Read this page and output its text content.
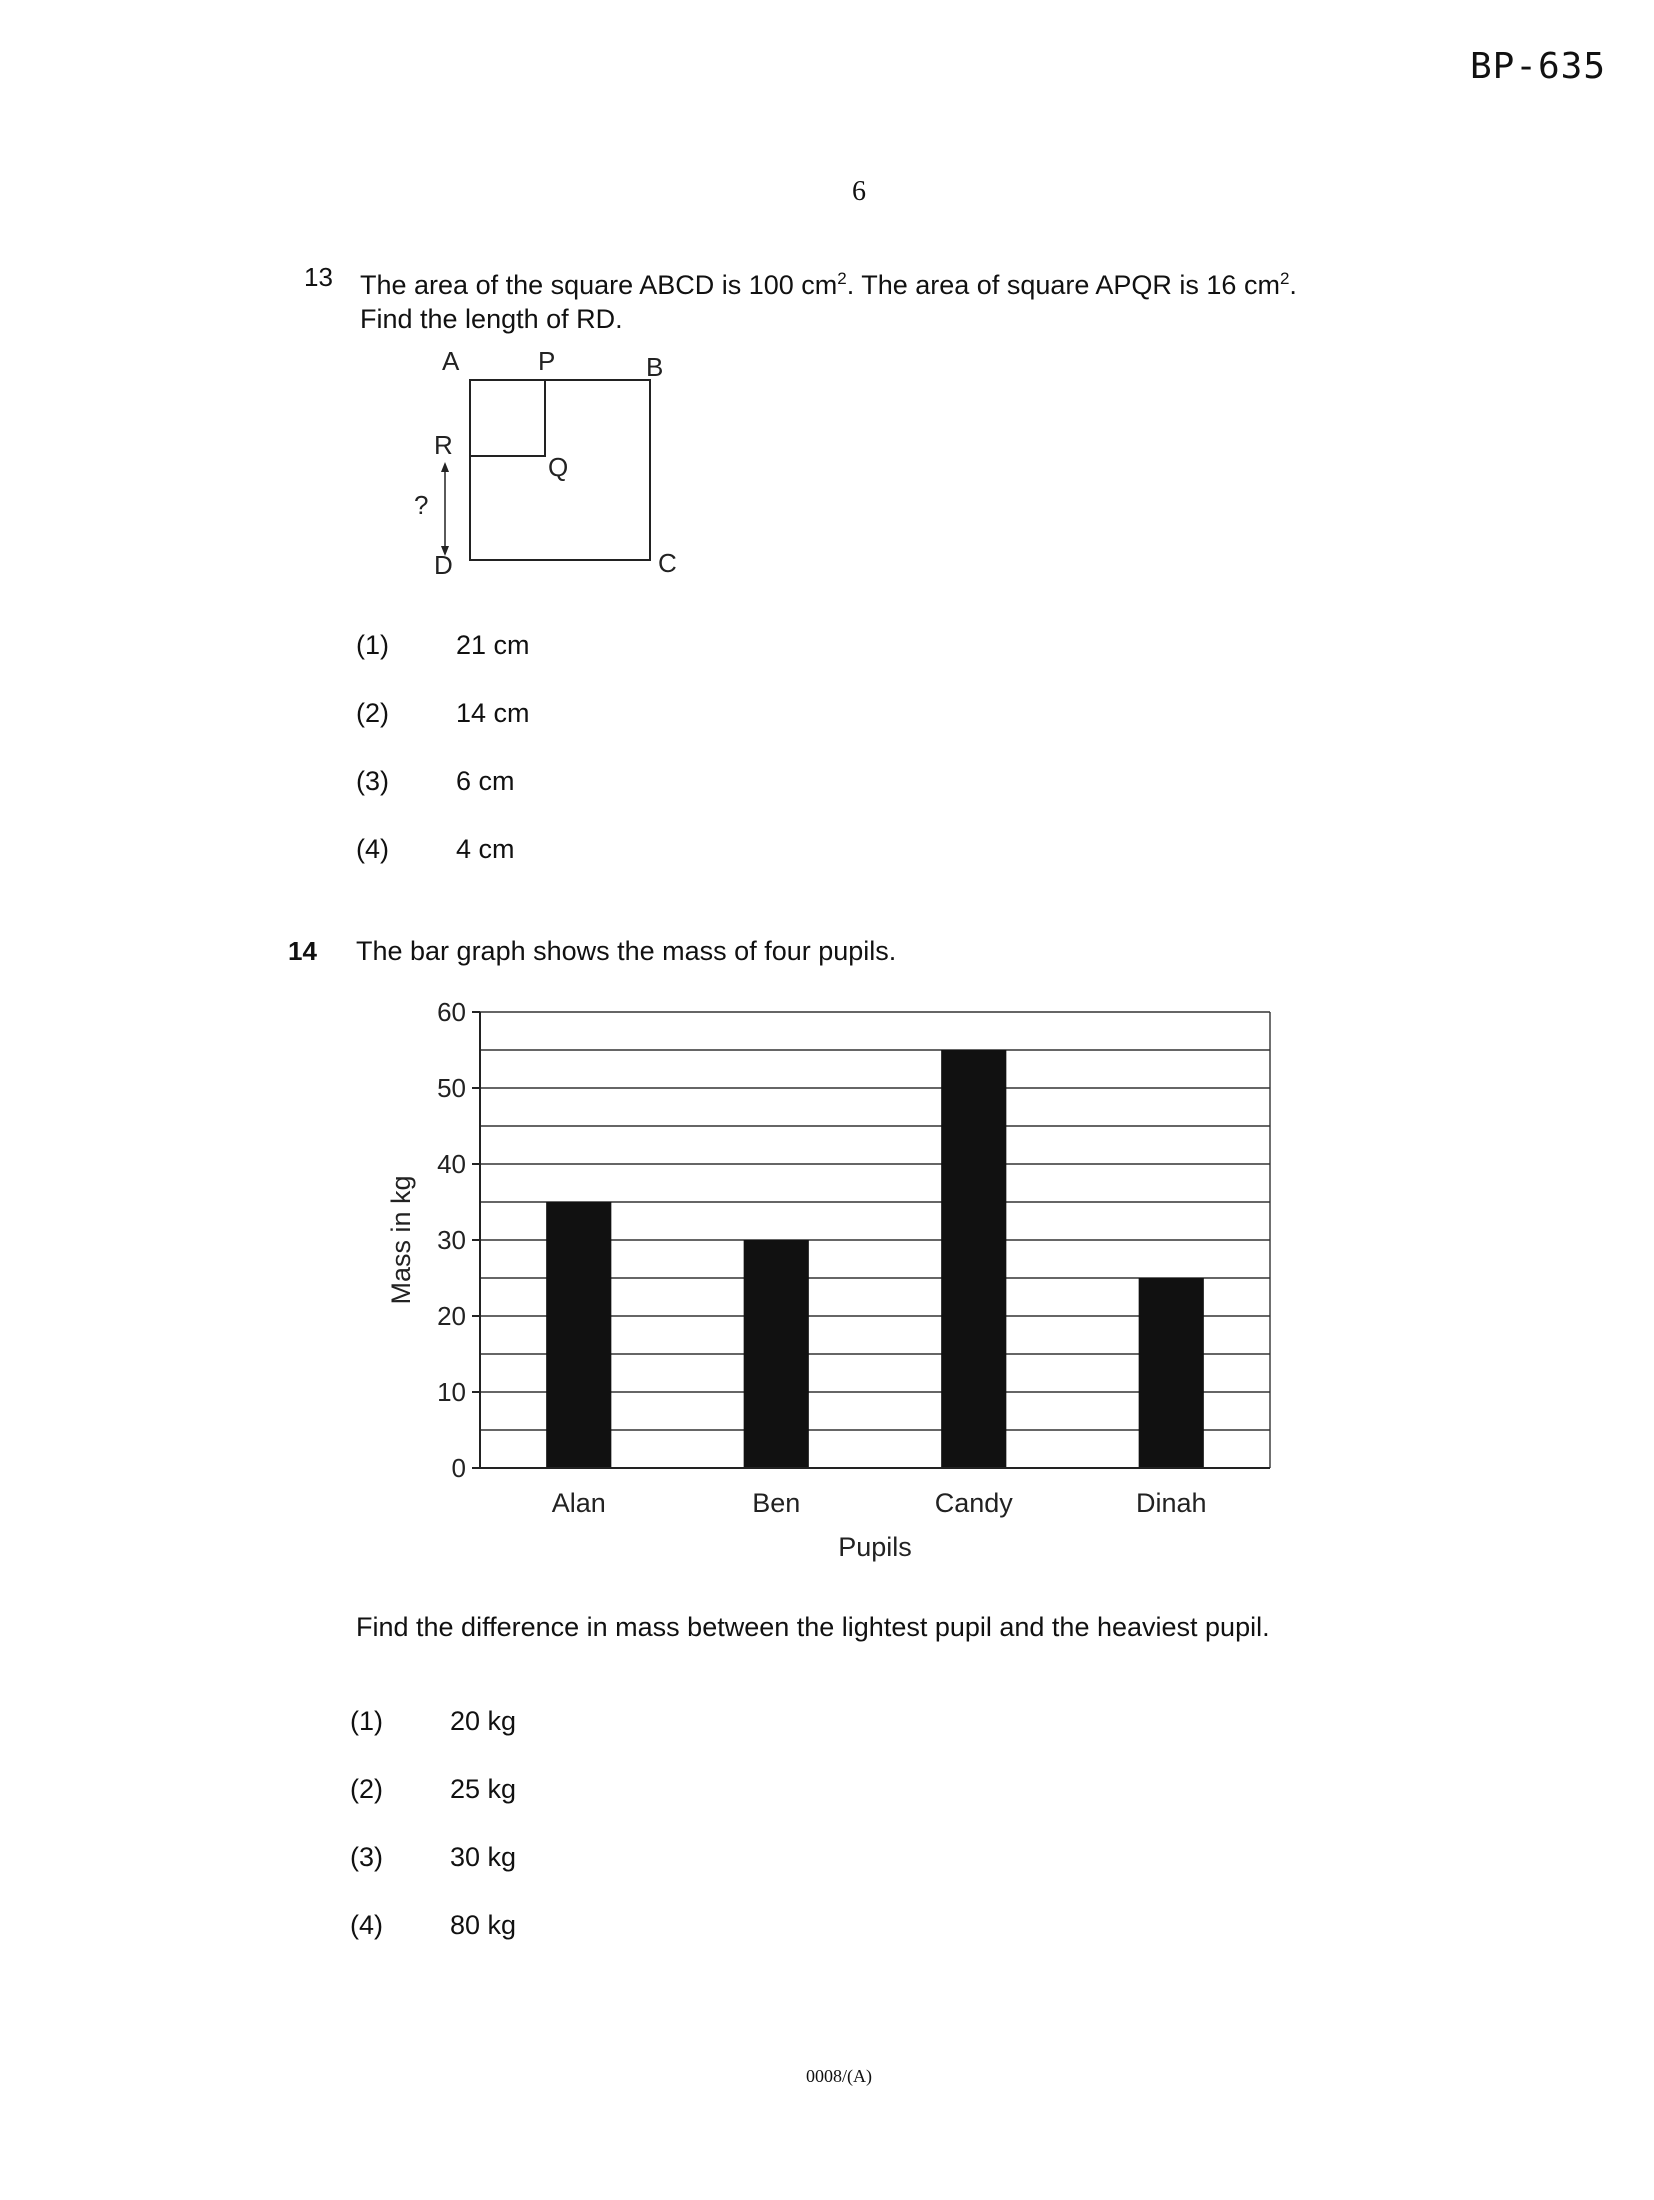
BP-635
6
13 The area of the square ABCD is 100 $cm^2$. The area of square APQR is 16 $cm^2$.
Find the length of RD.
A	P	B
R
Q
D	C
?
(1) 21 cm
(2) 14 cm
(3) 6 cm
(4) 4 cm
14 The bar graph shows the mass of four pupils.
0
10
20
30
40
50
60
Alan	Ben	Candy	Dinah
Pupils
Mass in kg
Find the difference in mass between the lightest pupil and the heaviest pupil.
(1) 20 kg
(2) 25 kg
(3) 30 kg
(4) 80 kg
0008/(A)
